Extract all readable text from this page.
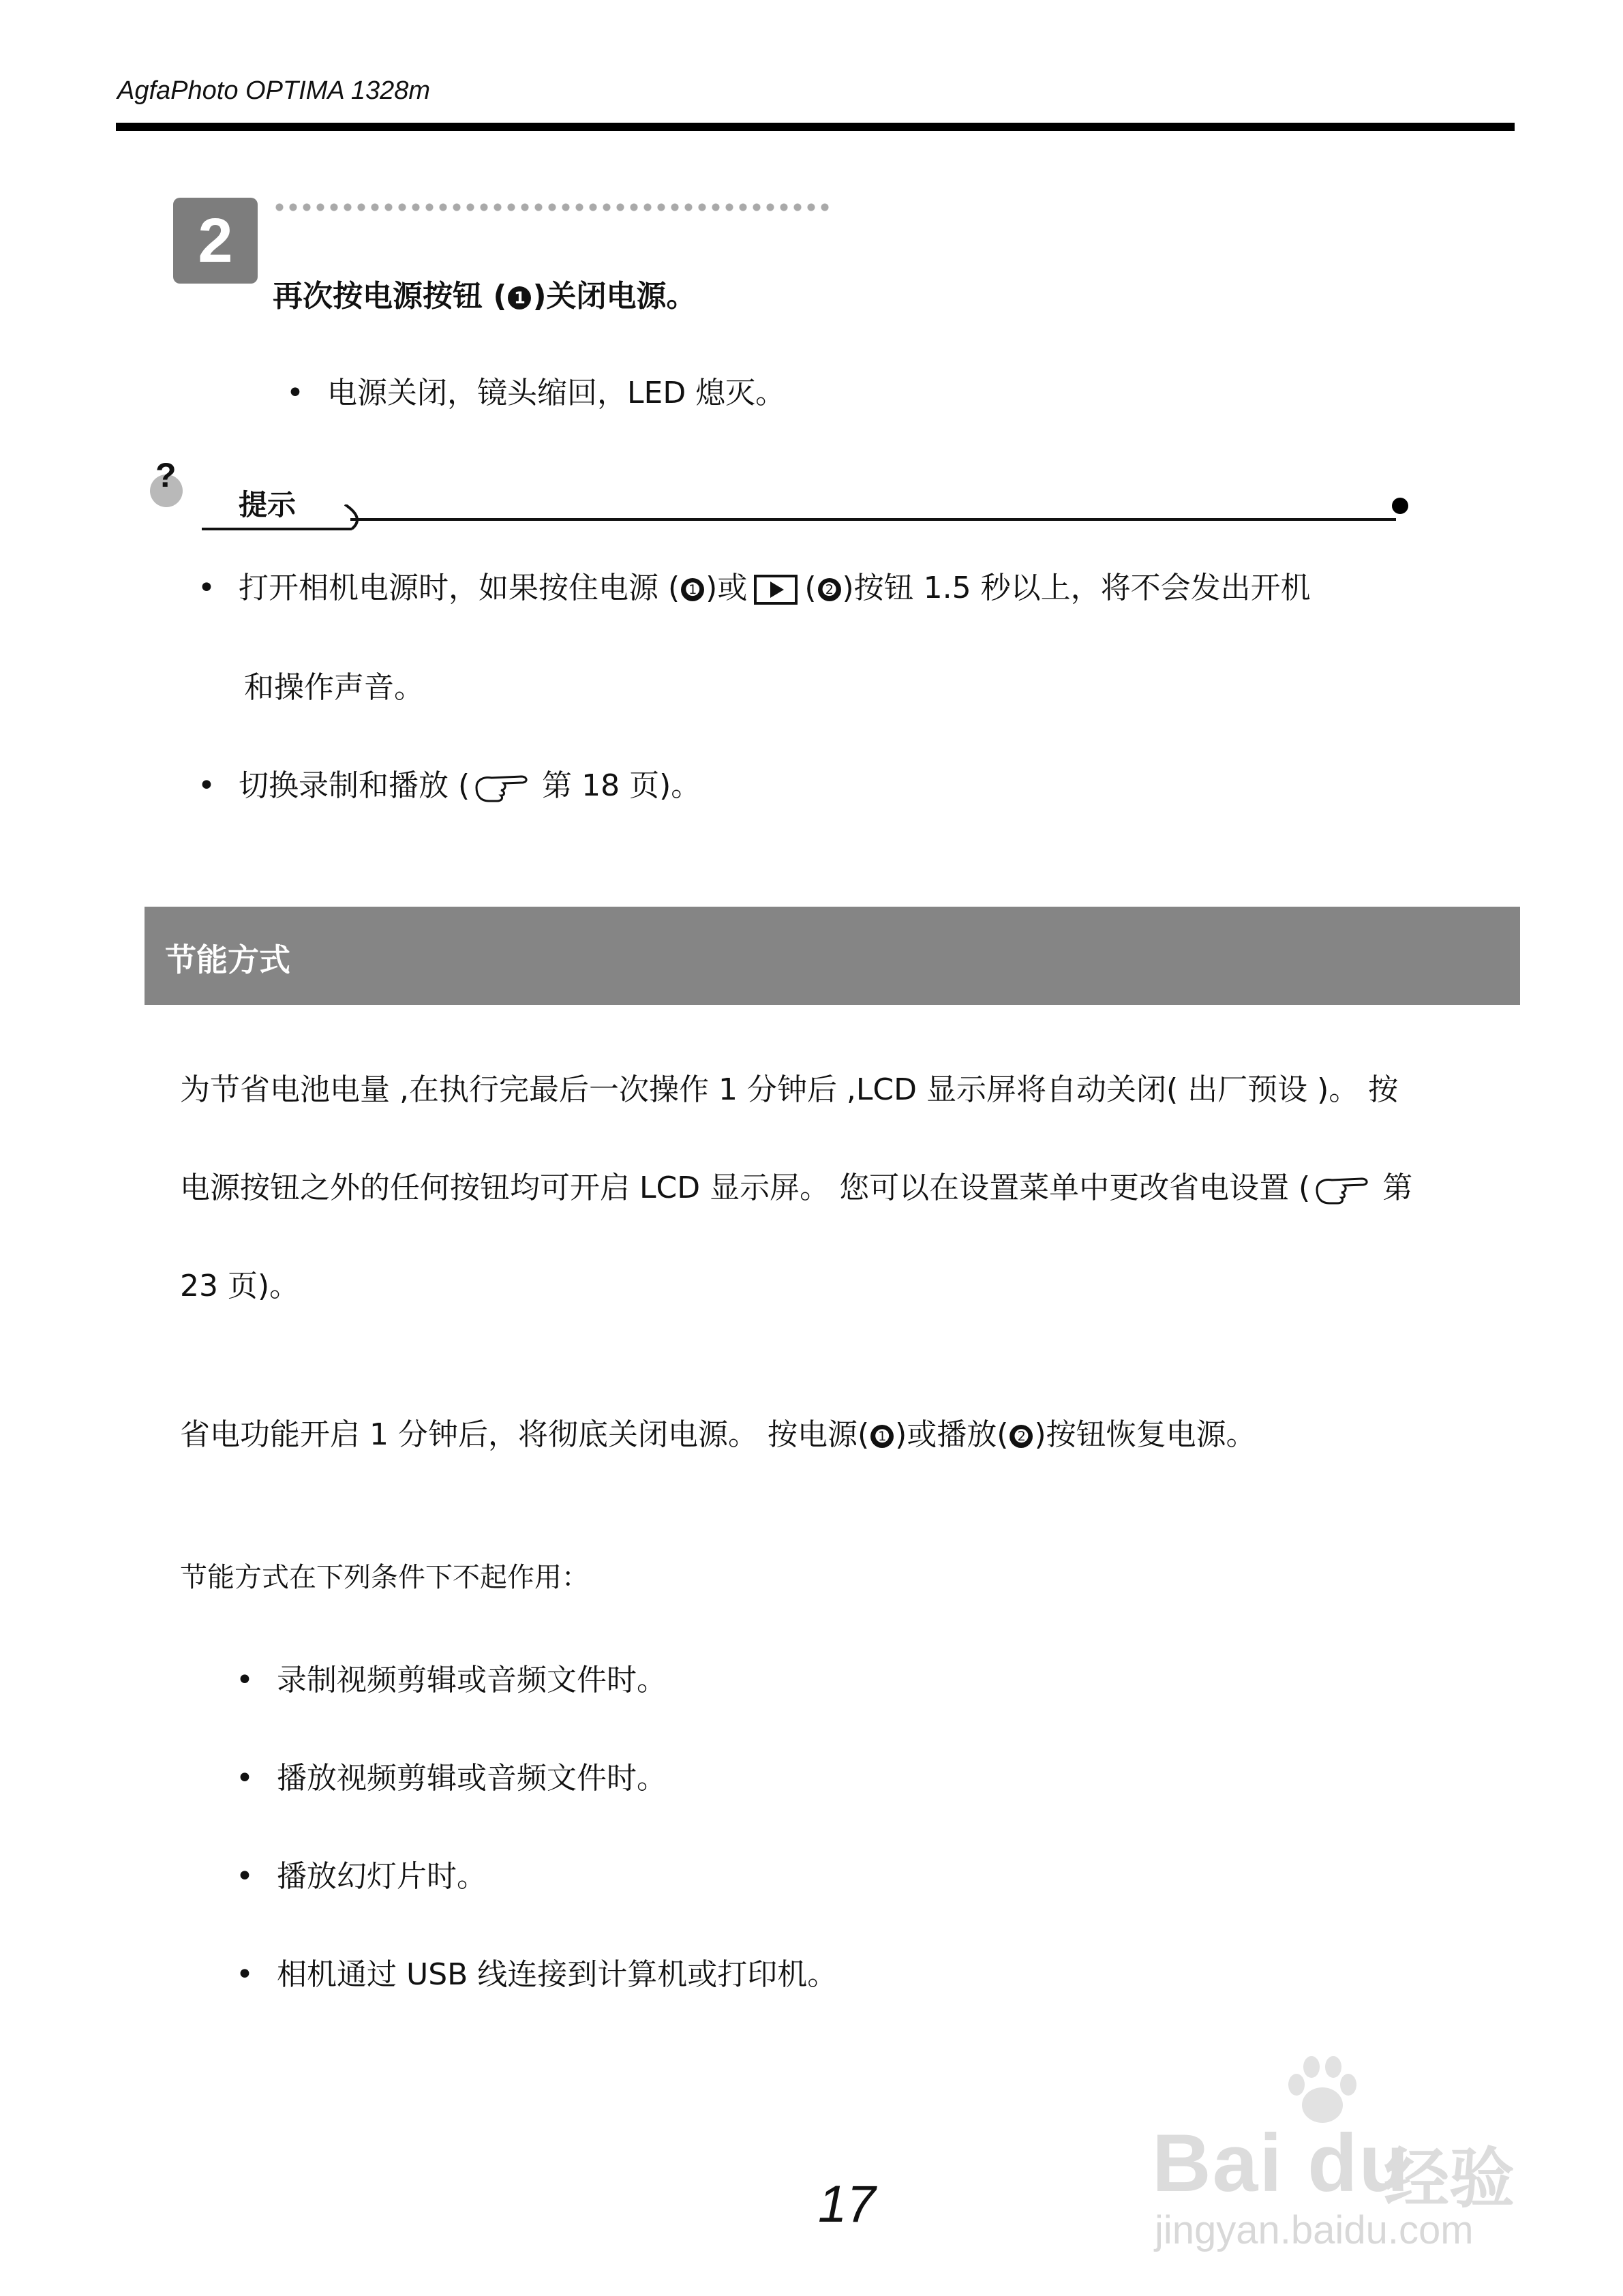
AgfaPhoto OPTIMA 1328m
2
再次按电源按钮 ( 1 )关闭电源。
• 电源关闭，镜头缩回，LED 熄灭。
?
提示
• 打开相机电源时，如果按住电源 ( ➊ )或 ( ➋ )按钮 1.5 秒以上，将不会发出开机
和操作声音。
• 切换录制和播放 ( 第 18 页)。
节能方式
为节省电池电量 ,在执行完最后一次操作 1 分钟后 ,LCD 显示屏将自动关闭( 出厂预设 )。 按
电源按钮之外的任何按钮均可开启 LCD 显示屏。 您可以在设置菜单中更改省电设置 ( 第
23 页)。
省电功能开启 1 分钟后，将彻底关闭电源。 按电源( ➊ )或播放( ➋ )按钮恢复电源。
节能方式在下列条件下不起作用：
• 录制视频剪辑或音频文件时。
• 播放视频剪辑或音频文件时。
• 播放幻灯片时。
• 相机通过 USB 线连接到计算机或打印机。
17	Bai du
经验
jingyan.baidu.com
